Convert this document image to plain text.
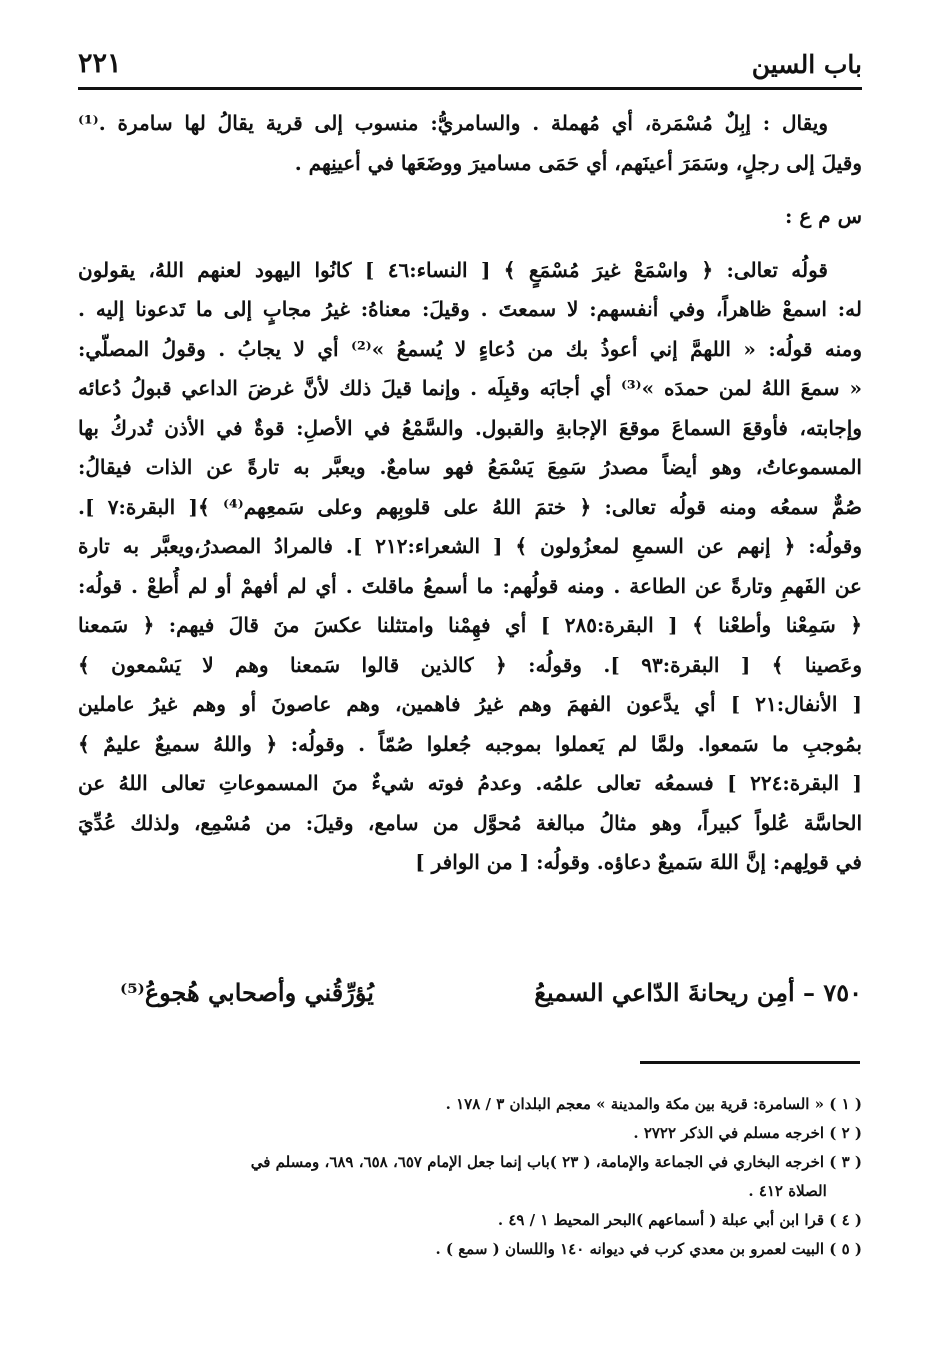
باب السين
٢٢١
ويقال : إبِلٌ مُسْمَرة، أي مُهملة . والسامريُّ: منسوب إلى قرية يقالُ لها سامرة .⁽¹⁾
وقيلَ إلى رجلٍ، وسَمَرَ أعينَهم، أي حَمَى مساميرَ ووضَعَها في أعينِهم .
س م ع :
قولُه تعالى: ﴿ واسْمَعْ غيرَ مُسْمَعٍ ﴾ [ النساء:٤٦ ] كانُوا اليهود لعنهم اللهُ، يقولون
له: اسمعْ ظاهراً، وفي أنفسهم: لا سمعتَ . وقيلَ: معناهُ: غيرُ مجابٍ إلى ما تَدعونا إليه .
ومنه قولُه: « اللهمَّ إني أعوذُ بك من دُعاءٍ لا يُسمعُ »⁽²⁾ أي لا يجابُ . وقولُ المصلّي:
« سمعَ اللهُ لمن حمدَه »⁽³⁾ أي أجابَه وقبِلَه . وإنما قيلَ ذلك لأنَّ غرضَ الداعي قبولُ دُعائه
وإجابته، فأوقعَ السماعَ موقعَ الإجابةِ والقبول. والسَّمْعُ في الأصلِ: قوةٌ في الأذن تُدركُ بها
المسموعاتُ، وهو أيضاً مصدرُ سَمِعَ يَسْمَعُ فهو سامعٌ. ويعبَّر به تارةً عن الذات فيقالُ:
صُمٌّ سمعُه ومنه قولُه تعالى: ﴿ ختمَ اللهُ على قلوبِهم وعلى سَمعِهم⁽⁴⁾ ﴾[ البقرة:٧ ].
وقولُه: ﴿ إنهم عن السمعِ لمعزُولون ﴾ [ الشعراء:٢١٢ ]. فالمرادُ المصدرُ،ويعبَّر به تارة
عن الفَهمِ وتارةً عن الطاعة . ومنه قولُهم: ما أسمعُ ماقلتَ . أي لم أفهمْ أو لم أُطعْ . قولُه:
﴿ سَمِعْنا وأطعْنا ﴾ [ البقرة:٢٨٥ ] أي فهِمْنا وامتثلنا عكسَ منَ قالَ فيهم: ﴿ سَمعنا
وعَصينا ﴾ [ البقرة:٩٣ ]. وقولُه: ﴿ كالذين قالوا سَمعنا وهم لا يَسْمعون ﴾
[ الأنفال:٢١ ] أي يدَّعون الفهمَ وهم غيرُ فاهمين، وهم عاصونَ أو وهم غيرُ عاملين
بمُوجبِ ما سَمعوا. ولمَّا لم يَعملوا بموجبه جُعلوا صُمّاً . وقولُه: ﴿ واللهُ سميعٌ عليمٌ ﴾
[ البقرة:٢٢٤ ] فسمعُه تعالى علمُه. وعدمُ فوته شيءٌ منَ المسموعاتِ تعالى اللهُ عن
الحاسَّة عُلواً كبيراً، وهو مثالُ مبالغة مُحوَّل من سامع، وقيلَ: من مُسْمِع، ولذلك عُدِّيَ
في قولِهم: إنَّ اللهَ سَميعٌ دعاؤه. وقولُه: [ من الوافر ]
٧٥٠ – أمِن ريحانةَ الدّاعي السميعُ
يُؤرِّقُني وأصحابي هُجوعُ⁽⁵⁾
( ١ ) « السامرة: قرية بين مكة والمدينة » معجم البلدان ٣ / ١٧٨ .
( ٢ ) اخرجه مسلم في الذكر ٢٧٢٢ .
( ٣ ) اخرجه البخاري في الجماعة والإمامة، ( ٢٣ )باب إنما جعل الإمام ٦٥٧، ٦٥٨، ٦٨٩، ومسلم في
الصلاة ٤١٢ .
( ٤ ) قرا ابن أبي عبلة ( أسماعهم )البحر المحيط ١ / ٤٩ .
( ٥ ) البيت لعمرو بن معدي كرب في ديوانه ١٤٠ واللسان ( سمع ) .
